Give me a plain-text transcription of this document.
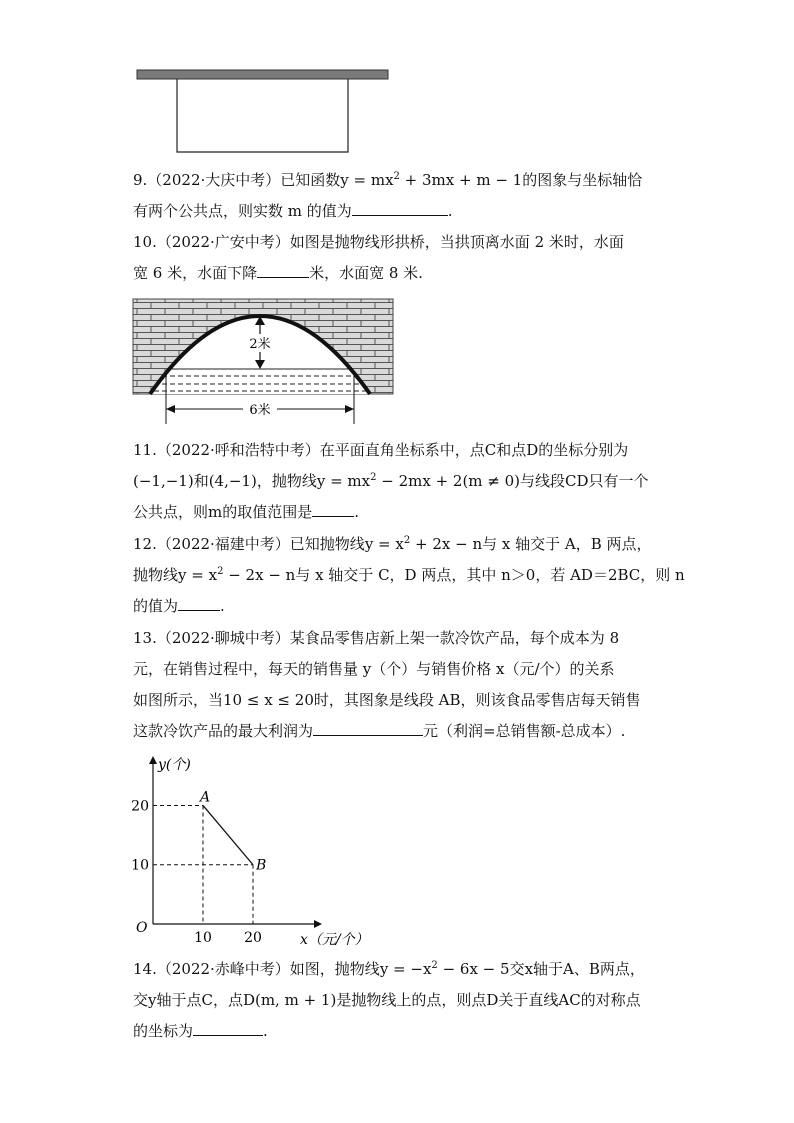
9.（2022·大庆中考）已知函数$y = mx^2 + 3mx + m - 1$的图象与坐标轴恰
有两个公共点，则实数 m 的值为	.
10.（2022·广安中考）如图是抛物线形拱桥，当拱顶离水面 2 米时，水面
宽 6 米，水面下降	米，水面宽 8 米.
2米
6米
11.（2022·呼和浩特中考）在平面直角坐标系中，点C和点D的坐标分别为
(−1,−1)和(4,−1)，抛物线$y = mx^2 - 2mx + 2(m \ne 0)$与线段CD只有一个
公共点，则m的取值范围是	.
12.（2022·福建中考）已知抛物线$y = x^2 + 2x - n$与 x 轴交于 A，B 两点，
抛物线$y = x^2 - 2x - n$与 x 轴交于 C，D 两点，其中 n＞0，若 AD＝2BC，则 n
的值为	.
13.（2022·聊城中考）某食品零售店新上架一款冷饮产品，每个成本为 8
元，在销售过程中，每天的销售量 y（个）与销售价格 x（元/个）的关系
如图所示，当10 ≤ x ≤ 20时，其图象是线段 AB，则该食品零售店每天销售
这款冷饮产品的最大利润为	元（利润=总销售额-总成本）.
y(个)
x（元/个）
O
A
B
10 20
20
10
14.（2022·赤峰中考）如图，抛物线$y = -x^2 - 6x - 5$交x轴于A、B两点，
交y轴于点C，点D(m, m + 1)是抛物线上的点，则点D关于直线AC的对称点
的坐标为	.
